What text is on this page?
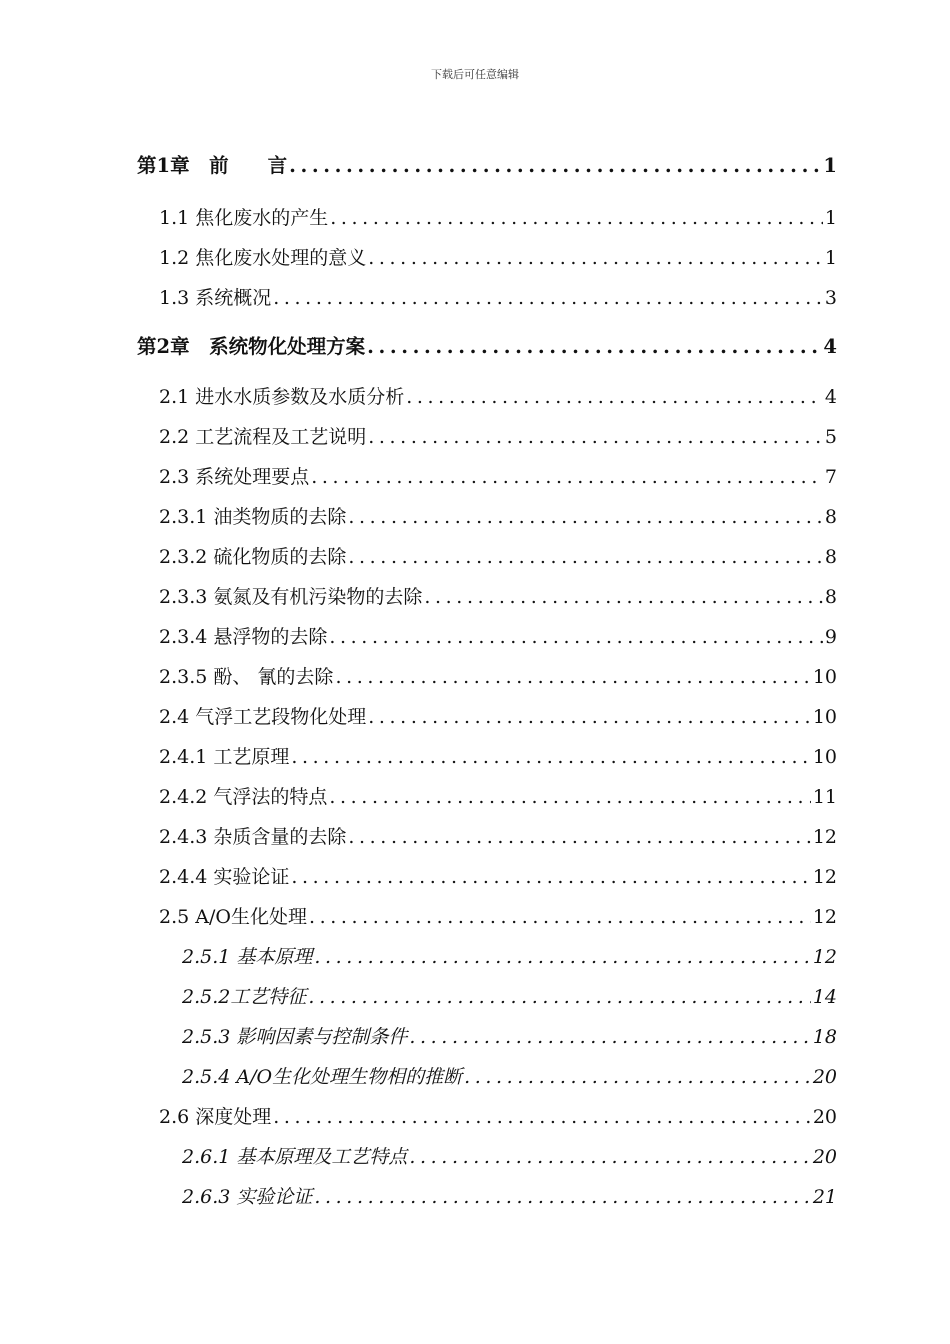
下载后可任意编辑
第1章　前　　言 .....	1
1.1 焦化废水的产生 .....	1
1.2 焦化废水处理的意义 .....	1
1.3 系统概况 .....	3
第2章　系统物化处理方案 .....	4
2.1 进水水质参数及水质分析 .....	4
2.2 工艺流程及工艺说明 .....	5
2.3 系统处理要点 .....	7
2.3.1 油类物质的去除 .....	8
2.3.2 硫化物质的去除 .....	8
2.3.3 氨氮及有机污染物的去除 .....	8
2.3.4 悬浮物的去除 .....	9
2.3.5 酚、 氰的去除 .....	10
2.4 气浮工艺段物化处理 .....	10
2.4.1 工艺原理 .....	10
2.4.2 气浮法的特点 .....	11
2.4.3 杂质含量的去除 .....	12
2.4.4 实验论证 .....	12
2.5 A/O生化处理 .....	12
2.5.1 基本原理 .....	12
2.5.2工艺特征 .....	14
2.5.3 影响因素与控制条件 .....	18
2.5.4 A/O生化处理生物相的推断 .....	20
2.6 深度处理 .....	20
2.6.1 基本原理及工艺特点 .....	20
2.6.3 实验论证 .....	21
